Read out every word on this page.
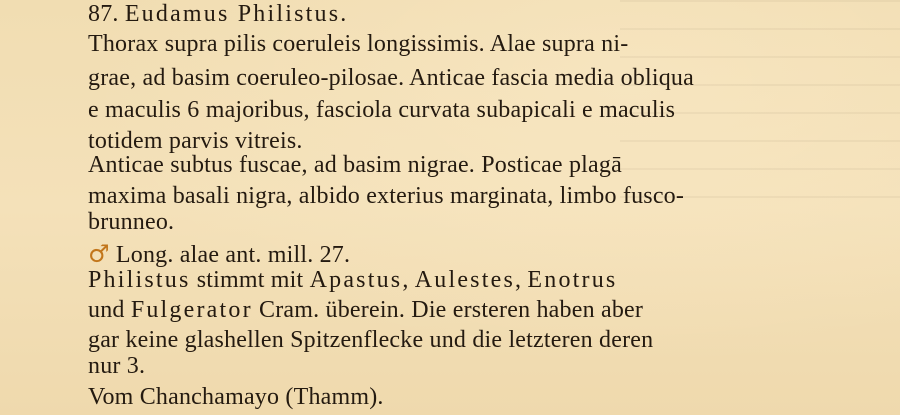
87. Eudamus Philistus.
Thorax supra pilis coeruleis longissimis. Alae supra ni-
grae, ad basim coeruleo-pilosae. Anticae fascia media obliqua
e maculis 6 majoribus, fasciola curvata subapicali e maculis
totidem parvis vitreis.
Anticae subtus fuscae, ad basim nigrae. Posticae plagā
maxima basali nigra, albido exterius marginata, limbo fusco-
brunneo.
♂ Long. alae ant. mill. 27.
Philistus stimmt mit Apastus, Aulestes, Enotrus
und Fulgerator Cram. überein. Die ersteren haben aber
gar keine glashellen Spitzenflecke und die letzteren deren
nur 3.
Vom Chanchamayo (Thamm).
